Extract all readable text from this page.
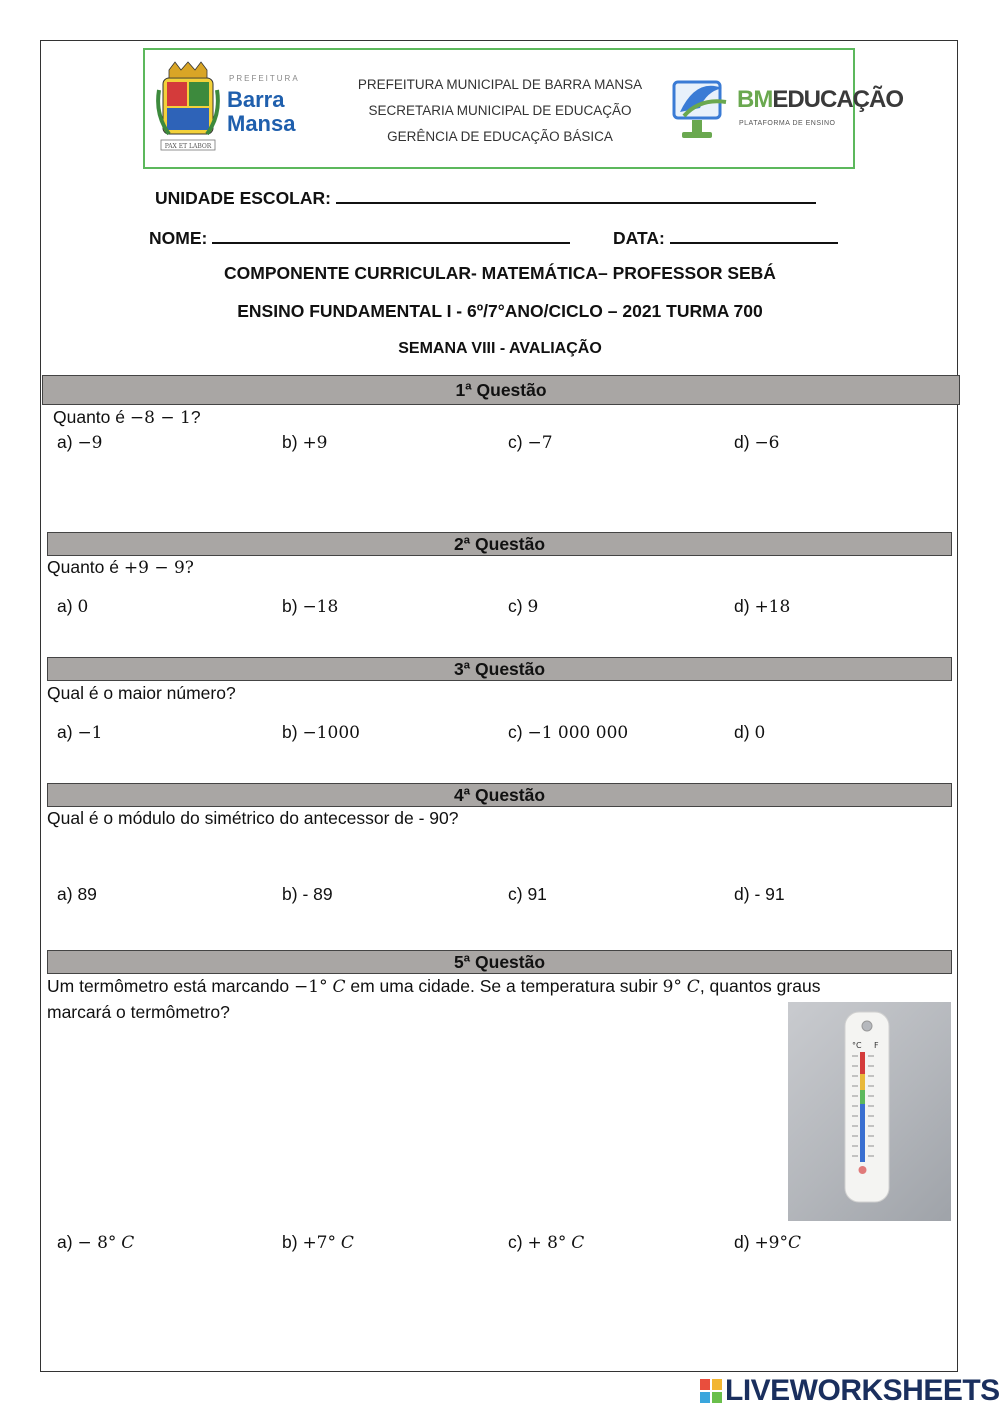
PAX ET LABOR
PREFEITURA
Barra
Mansa
PREFEITURA MUNICIPAL DE BARRA MANSA
SECRETARIA MUNICIPAL DE EDUCAÇÃO
GERÊNCIA DE EDUCAÇÃO BÁSICA
BMEDUCAÇÃO
PLATAFORMA DE ENSINO
UNIDADE ESCOLAR:
NOME:	DATA:
COMPONENTE CURRICULAR- MATEMÁTICA– PROFESSOR SEBÁ
ENSINO FUNDAMENTAL I - 6º/7°ANO/CICLO – 2021 TURMA 700
SEMANA VIII - AVALIAÇÃO
1ª Questão
Quanto é −8 − 1?
a) −9	b) +9	c) −7	d) −6
2ª Questão
Quanto é +9 − 9?
a) 0	b) −18	c) 9	d) +18
3ª Questão
Qual é o maior número?
a) −1	b) −1000	c) −1 000 000	d) 0
4ª Questão
Qual é o módulo do simétrico do antecessor de - 90?
a) 89	b) - 89	c) 91	d) - 91
5ª Questão
Um termômetro está marcando −1° C em uma cidade. Se a temperatura subir 9° C, quantos graus
marcará o termômetro?
°C F
a) − 8° C	b) +7° C	c) + 8° C	d) +9°C
LIVEWORKSHEETS
